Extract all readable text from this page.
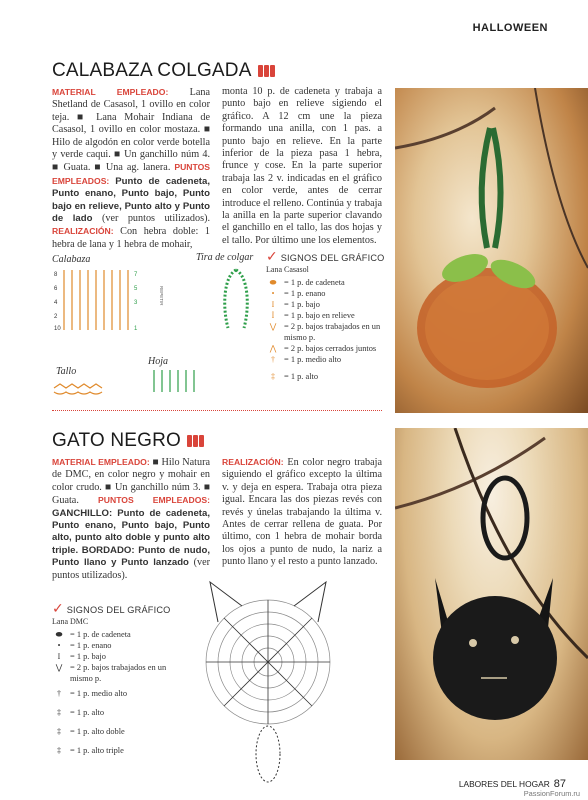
HALLOWEEN
CALABAZA COLGADA
MATERIAL EMPLEADO: Lana Shetland de Casasol, 1 ovillo en color teja. ■ Lana Mohair Indiana de Casasol, 1 ovillo en color mostaza. ■ Hilo de algodón en color verde botella y verde caqui. ■ Un ganchillo núm 4. ■ Guata. ■ Una ag. lanera. PUNTOS EMPLEADOS: Punto de cadeneta, Punto enano, Punto bajo, Punto bajo en relieve, Punto alto y Punto de lado (ver puntos utilizados). REALIZACIÓN: Con hebra doble: 1 hebra de lana y 1 hebra de mohair,
monta 10 p. de cadeneta y trabaja a punto bajo en relieve sigiendo el gráfico. A 12 cm une la pieza formando una anilla, con 1 pas. a punto bajo en relieve. En la parte inferior de la pieza pasa 1 hebra, frunce y cose. En la parte superior trabaja las 2 v. indicadas en el gráfico en color verde, antes de cerrar introduce el relleno. Continúa y trabaja la anilla en la parte superior clavando el ganchillo en el tallo, las dos hojas y el tallo. Por último une los elementos.
Calabaza	Tira de colgar
Hoja
Tallo
8
6
4
2
10
7
5
3
1
REPETIR
✓ SIGNOS DEL GRÁFICO
Lana Casasol
⬬ = 1 p. de cadeneta
•	= 1 p. enano
I	= 1 p. bajo
İ	= 1 p. bajo en relieve
⋁ = 2 p. bajos trabajados en un mismo p.
⋀ = 2 p. bajos cerrados juntos
†	= 1 p. medio alto
‡	= 1 p. alto
GATO NEGRO
MATERIAL EMPLEADO: ■ Hilo Natura de DMC, en color negro y mohair en color crudo. ■ Un ganchillo núm 3. ■ Guata. PUNTOS EMPLEADOS: GANCHILLO: Punto de cadeneta, Punto enano, Punto bajo, Punto alto, punto alto doble y punto alto triple. BORDADO: Punto de nudo, Punto llano y Punto lanzado (ver puntos utilizados).
REALIZACIÓN: En color negro trabaja siguiendo el gráfico excepto la última v. y deja en espera. Trabaja otra pieza igual. Encara las dos piezas revés con revés y únelas trabajando la última v. Antes de cerrar rellena de guata. Por último, con 1 hebra de mohair borda los ojos a punto de nudo, la nariz a punto llano y el resto a punto lanzado.
✓ SIGNOS DEL GRÁFICO
Lana DMC
⬬ = 1 p. de cadeneta
•	= 1 p. enano
I	= 1 p. bajo
⋁ = 2 p. bajos trabajados en un mismo p.
†	= 1 p. medio alto
‡	= 1 p. alto
‡	= 1 p. alto doble
‡	= 1 p. alto triple
LABORES DEL HOGAR 87
PassionForum.ru
